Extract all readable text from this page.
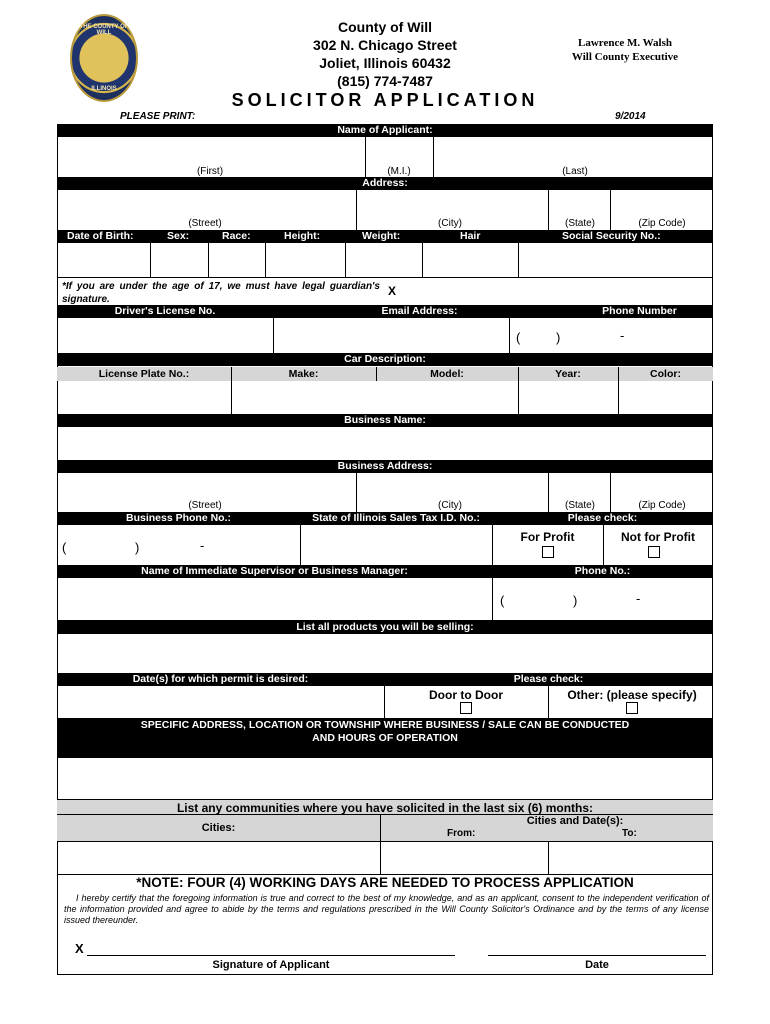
THE COUNTY OF WILL
ILLINOIS
County of Will
302 N. Chicago Street
Joliet, Illinois 60432
(815) 774-7487
Lawrence M. Walsh
Will County Executive
SOLICITOR APPLICATION
PLEASE PRINT:	9/2014
Name of Applicant:
(First)	(M.I.)	(Last)
Address:
(Street)	(City)	(State)	(Zip Code)
Date of Birth:	Sex:	Race:	Height:	Weight:	Hair	Social Security No.:
*If you are under the age of 17, we must have legal guardian's signature.
X
Driver's License No.	Email Address:	Phone Number
(	)	-
Car Description:
License Plate No.:	Make:	Model:	Year:	Color:
Business Name:
Business Address:
(Street)	(City)	(State)	(Zip Code)
Business Phone No.:	State of Illinois Sales Tax I.D. No.:	Please check:
(	)	-
For Profit	Not for Profit
Name of Immediate Supervisor or Business Manager:	Phone No.:
(	)	-
List all products you will be selling:
Date(s) for which permit is desired:	Please check:
Door to Door	Other: (please specify)
SPECIFIC ADDRESS, LOCATION OR TOWNSHIP WHERE BUSINESS / SALE CAN BE CONDUCTED
AND HOURS OF OPERATION
List any communities where you have solicited in the last six (6) months:
Cities:
Cities and Date(s):
From:	To:
*NOTE: FOUR (4) WORKING DAYS ARE NEEDED TO PROCESS APPLICATION
I hereby certify that the foregoing information is true and correct to the best of my knowledge, and as an applicant, consent to the independent verification of the information provided and agree to abide by the terms and regulations prescribed in the Will County Solicitor's Ordinance and by the terms of any license issued thereunder.
X
Signature of Applicant	Date
